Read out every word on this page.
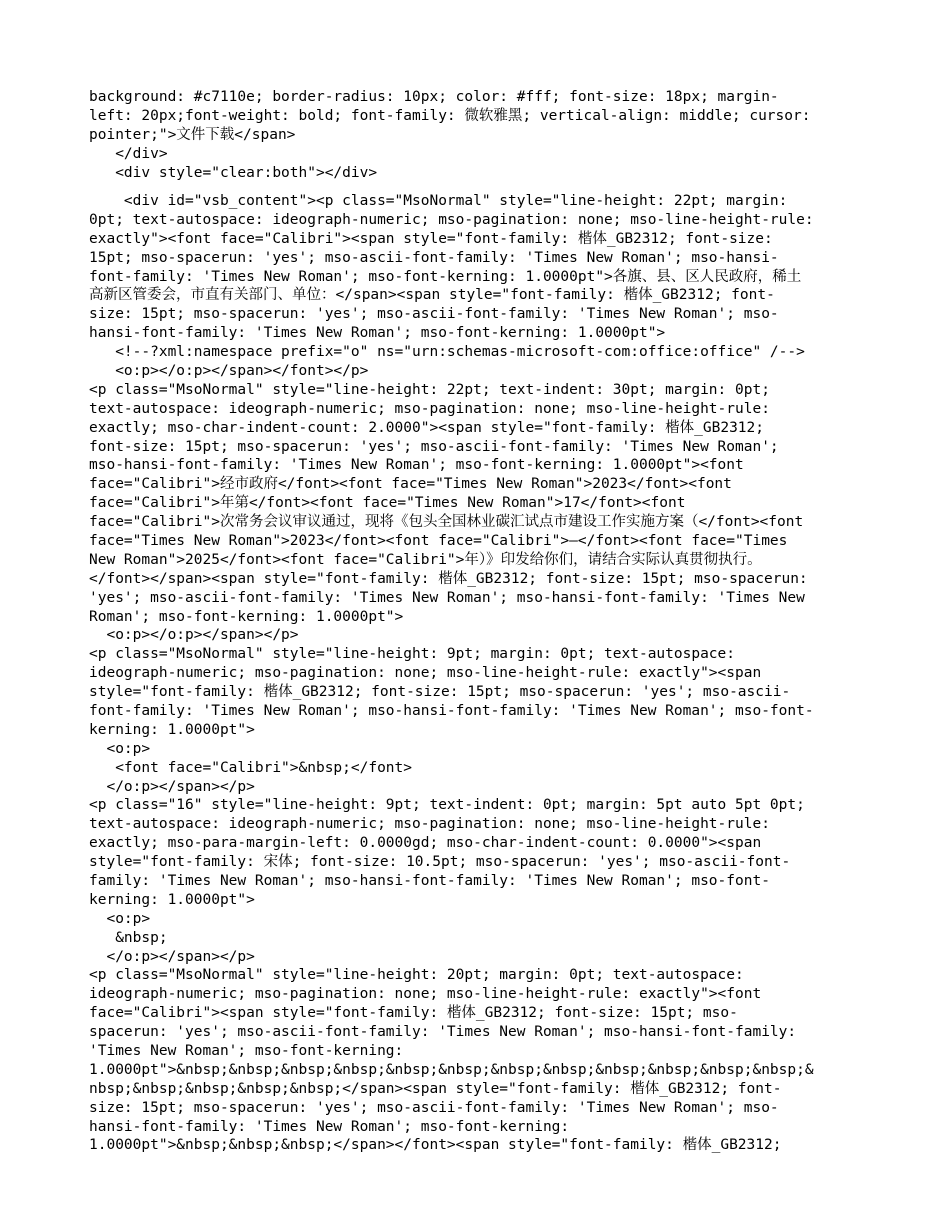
background: #c7110e; border-radius: 10px; color: #fff; font-size: 18px; margin-
left: 20px;font-weight: bold; font-family: 微软雅黑; vertical-align: middle; cursor:
pointer;">文件下载</span>
</div>
<div style="clear:both"></div>
<div id="vsb_content"><p class="MsoNormal" style="line-height: 22pt; margin:
0pt; text-autospace: ideograph-numeric; mso-pagination: none; mso-line-height-rule:
exactly"><font face="Calibri"><span style="font-family: 楷体_GB2312; font-size:
15pt; mso-spacerun: 'yes'; mso-ascii-font-family: 'Times New Roman'; mso-hansi-
font-family: 'Times New Roman'; mso-font-kerning: 1.0000pt">各旗、县、区人民政府，稀土
高新区管委会，市直有关部门、单位：</span><span style="font-family: 楷体_GB2312; font-
size: 15pt; mso-spacerun: 'yes'; mso-ascii-font-family: 'Times New Roman'; mso-
hansi-font-family: 'Times New Roman'; mso-font-kerning: 1.0000pt">
<!--?xml:namespace prefix="o" ns="urn:schemas-microsoft-com:office:office" /-->
<o:p></o:p></span></font></p>
<p class="MsoNormal" style="line-height: 22pt; text-indent: 30pt; margin: 0pt;
text-autospace: ideograph-numeric; mso-pagination: none; mso-line-height-rule:
exactly; mso-char-indent-count: 2.0000"><span style="font-family: 楷体_GB2312;
font-size: 15pt; mso-spacerun: 'yes'; mso-ascii-font-family: 'Times New Roman';
mso-hansi-font-family: 'Times New Roman'; mso-font-kerning: 1.0000pt"><font
face="Calibri">经市政府</font><font face="Times New Roman">2023</font><font
face="Calibri">年第</font><font face="Times New Roman">17</font><font
face="Calibri">次常务会议审议通过，现将《包头全国林业碳汇试点市建设工作实施方案（</font><font
face="Times New Roman">2023</font><font face="Calibri">—</font><font face="Times
New Roman">2025</font><font face="Calibri">年）》印发给你们，请结合实际认真贯彻执行。
</font></span><span style="font-family: 楷体_GB2312; font-size: 15pt; mso-spacerun:
'yes'; mso-ascii-font-family: 'Times New Roman'; mso-hansi-font-family: 'Times New
Roman'; mso-font-kerning: 1.0000pt">
<o:p></o:p></span></p>
<p class="MsoNormal" style="line-height: 9pt; margin: 0pt; text-autospace:
ideograph-numeric; mso-pagination: none; mso-line-height-rule: exactly"><span
style="font-family: 楷体_GB2312; font-size: 15pt; mso-spacerun: 'yes'; mso-ascii-
font-family: 'Times New Roman'; mso-hansi-font-family: 'Times New Roman'; mso-font-
kerning: 1.0000pt">
<o:p>
<font face="Calibri">&nbsp;</font>
</o:p></span></p>
<p class="16" style="line-height: 9pt; text-indent: 0pt; margin: 5pt auto 5pt 0pt;
text-autospace: ideograph-numeric; mso-pagination: none; mso-line-height-rule:
exactly; mso-para-margin-left: 0.0000gd; mso-char-indent-count: 0.0000"><span
style="font-family: 宋体; font-size: 10.5pt; mso-spacerun: 'yes'; mso-ascii-font-
family: 'Times New Roman'; mso-hansi-font-family: 'Times New Roman'; mso-font-
kerning: 1.0000pt">
<o:p>
&nbsp;
</o:p></span></p>
<p class="MsoNormal" style="line-height: 20pt; margin: 0pt; text-autospace:
ideograph-numeric; mso-pagination: none; mso-line-height-rule: exactly"><font
face="Calibri"><span style="font-family: 楷体_GB2312; font-size: 15pt; mso-
spacerun: 'yes'; mso-ascii-font-family: 'Times New Roman'; mso-hansi-font-family:
'Times New Roman'; mso-font-kerning:
1.0000pt">&nbsp;&nbsp;&nbsp;&nbsp;&nbsp;&nbsp;&nbsp;&nbsp;&nbsp;&nbsp;&nbsp;&nbsp;&
nbsp;&nbsp;&nbsp;&nbsp;&nbsp;</span><span style="font-family: 楷体_GB2312; font-
size: 15pt; mso-spacerun: 'yes'; mso-ascii-font-family: 'Times New Roman'; mso-
hansi-font-family: 'Times New Roman'; mso-font-kerning:
1.0000pt">&nbsp;&nbsp;&nbsp;</span></font><span style="font-family: 楷体_GB2312;
